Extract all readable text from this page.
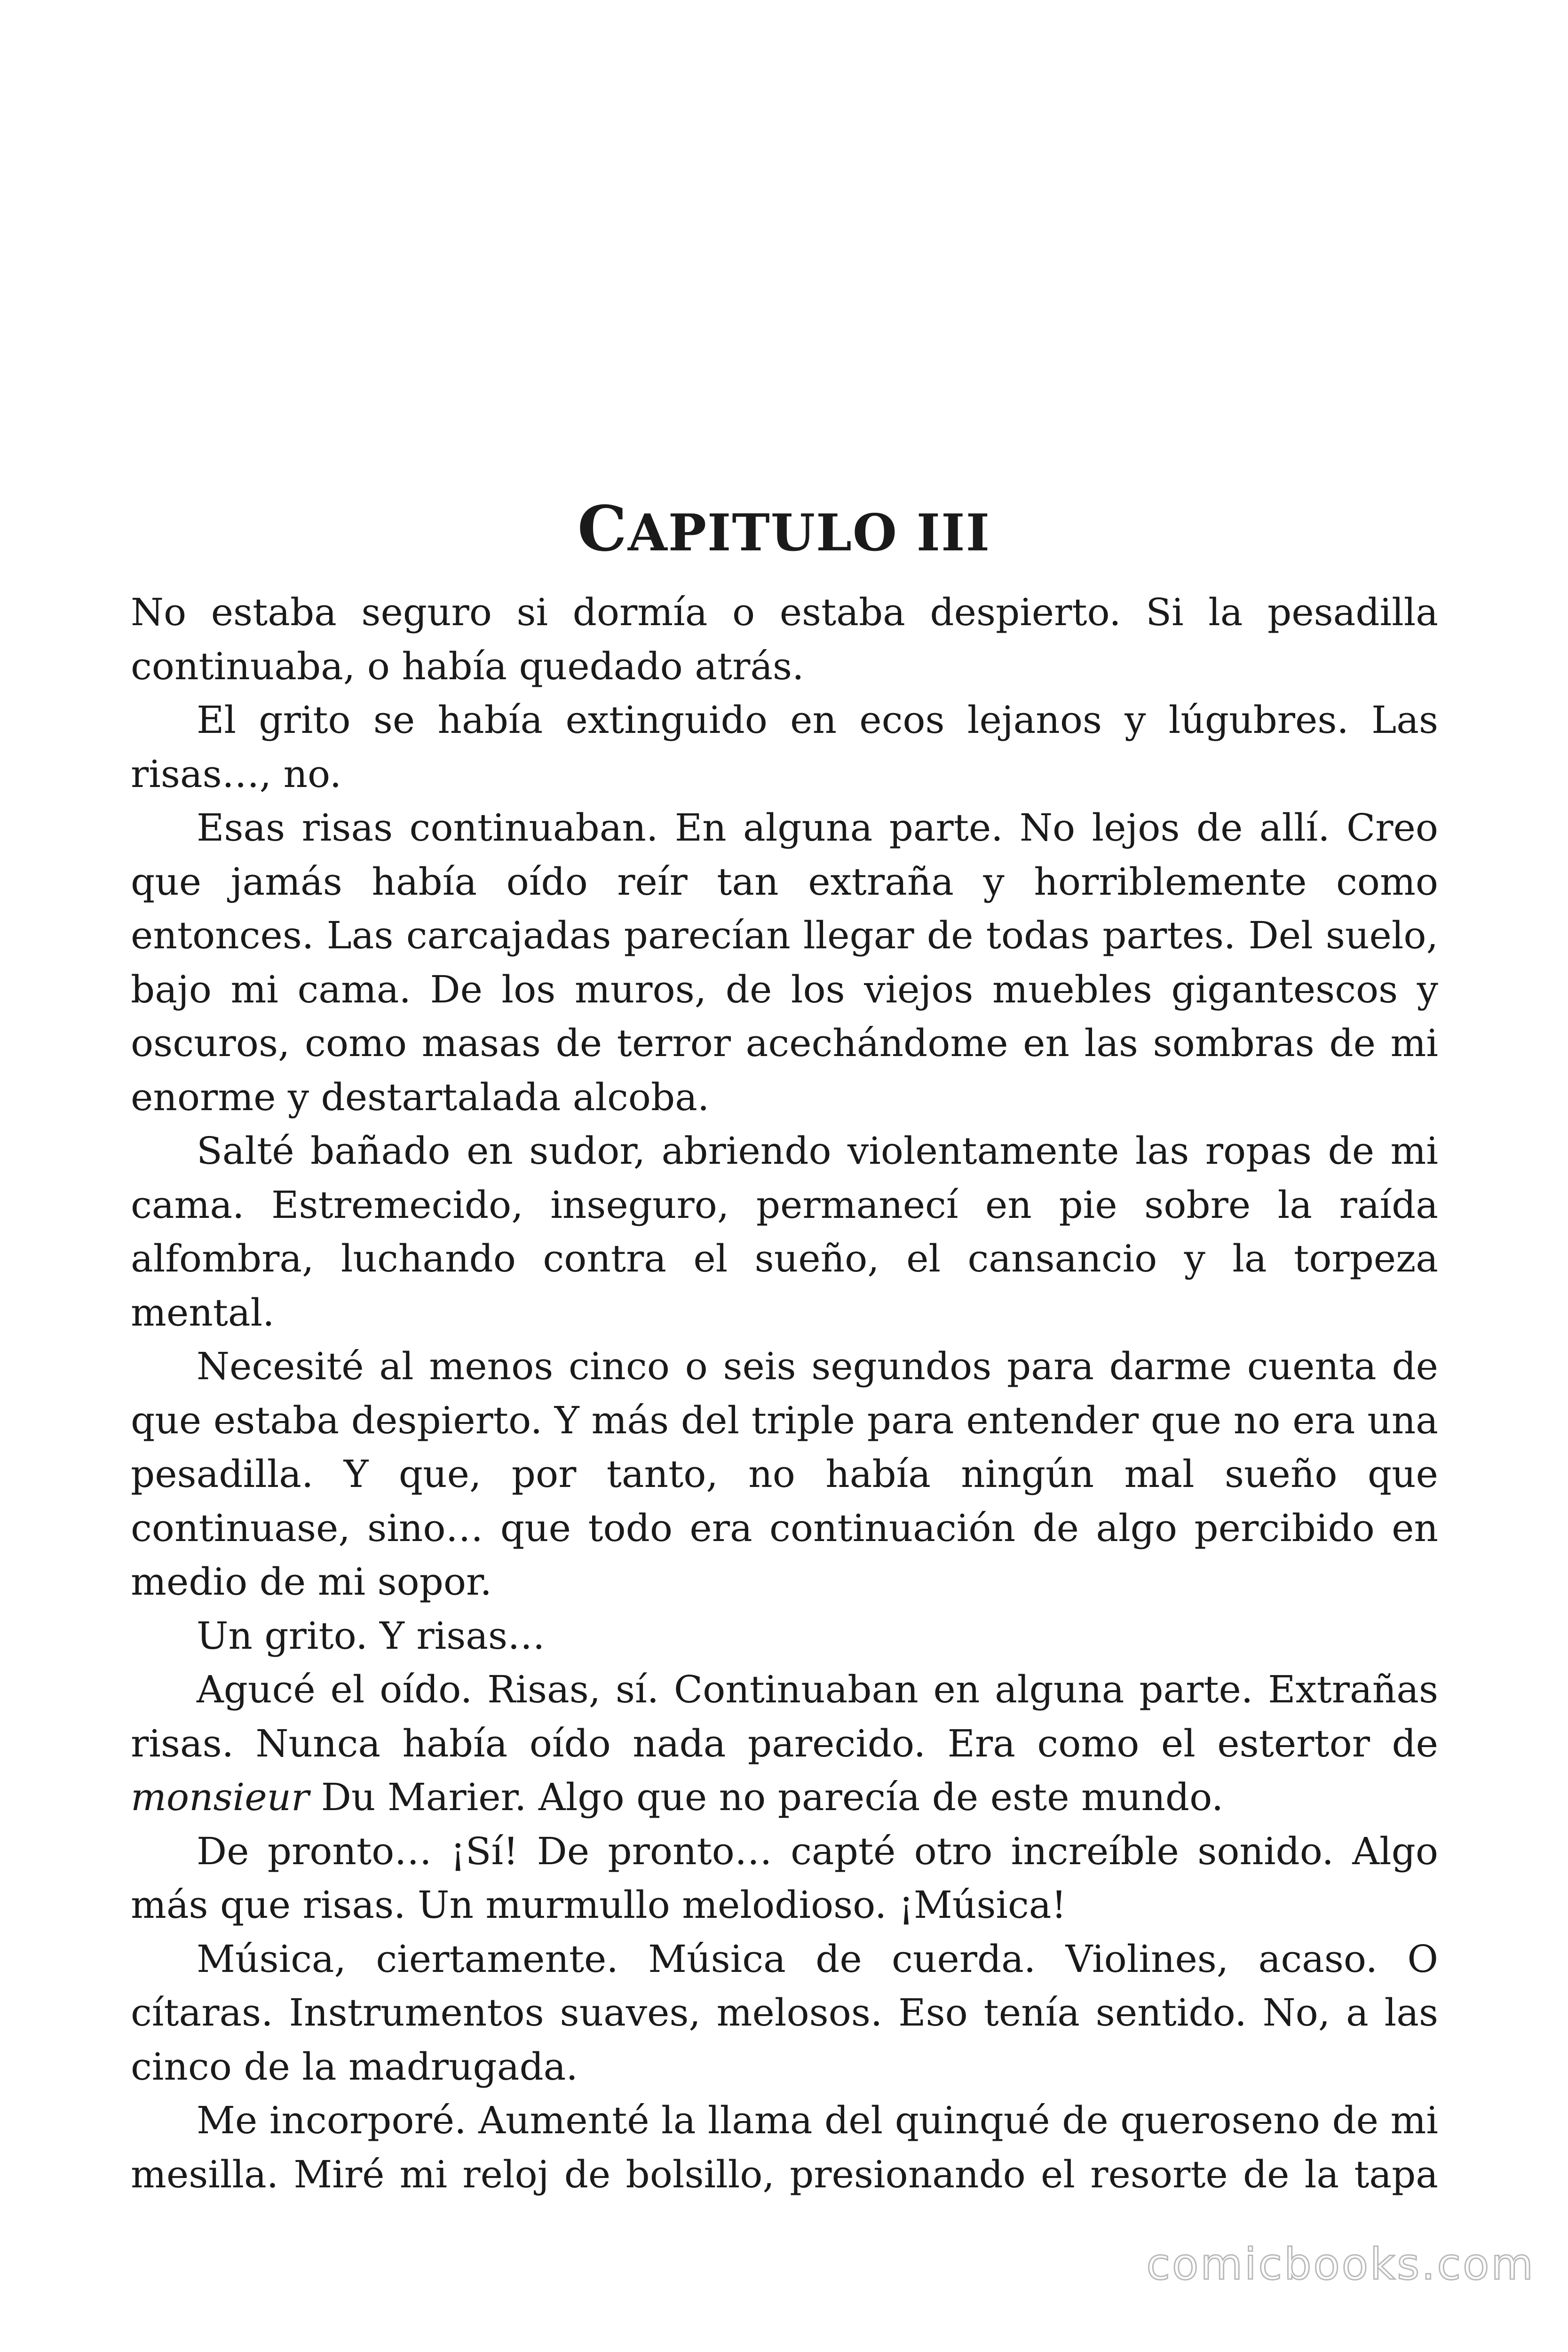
CAPITULO III

No estaba seguro si dormía o estaba despierto. Si la pesadilla continuaba, o había quedado atrás.

El grito se había extinguido en ecos lejanos y lúgubres. Las risas…, no.

Esas risas continuaban. En alguna parte. No lejos de allí. Creo que jamás había oído reír tan extraña y horriblemente como entonces. Las carcajadas parecían llegar de todas partes. Del suelo, bajo mi cama. De los muros, de los viejos muebles gigantescos y oscuros, como masas de terror acechándome en las sombras de mi enorme y destartalada alcoba.

Salté bañado en sudor, abriendo violentamente las ropas de mi cama. Estremecido, inseguro, permanecí en pie sobre la raída alfombra, luchando contra el sueño, el cansancio y la torpeza mental.

Necesité al menos cinco o seis segundos para darme cuenta de que estaba despierto. Y más del triple para entender que no era una pesadilla. Y que, por tanto, no había ningún mal sueño que continuase, sino… que todo era continuación de algo percibido en medio de mi sopor.

Un grito. Y risas…

Agucé el oído. Risas, sí. Continuaban en alguna parte. Extrañas risas. Nunca había oído nada parecido. Era como el estertor de monsieur Du Marier. Algo que no parecía de este mundo.

De pronto… ¡Sí! De pronto… capté otro increíble sonido. Algo más que risas. Un murmullo melodioso. ¡Música!

Música, ciertamente. Música de cuerda. Violines, acaso. O cítaras. Instrumentos suaves, melosos. Eso tenía sentido. No, a las cinco de la madrugada.

Me incorporé. Aumenté la llama del quinqué de queroseno de mi mesilla. Miré mi reloj de bolsillo, presionando el resorte de la tapa

comicbooks.com
